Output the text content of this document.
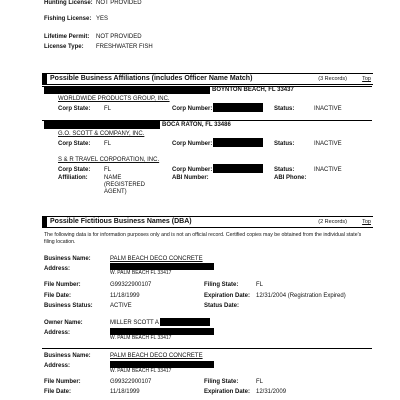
Hunting License: NOT PROVIDED
Fishing License: YES
Lifetime Permit: NOT PROVIDED
License Type: FRESHWATER FISH
Possible Business Affiliations (includes Officer Name Match)	(3 Records)	Top
BOYNTON BEACH, FL 33437
WORLDWIDE PRODUCTS GROUP, INC.
Corp State: FL	Corp Number:	Status:	INACTIVE
BOCA RATON, FL 33486
G.O. SCOTT & COMPANY, INC.
Corp State: FL	Corp Number:	Status:	INACTIVE
S & R TRAVEL CORPORATION, INC.
Corp State: FL	Corp Number:	Status:	INACTIVE
Affiliation:	NAME
(REGISTERED
AGENT)
ABI Number:	ABI Phone:
Possible Fictitious Business Names (DBA)	(2 Records)	Top
The following data is for information purposes only and is not an official record. Certified copies may be obtained from the individual state's filing location.
Business Name:	PALM BEACH DECO CONCRETE
Address:
W. PALM BEACH FL 33417
File Number:	G99322900107	Filing State:	FL
File Date:	11/18/1999	Expiration Date: 12/31/2004 (Registration Expired)
Business Status:	ACTIVE	Status Date:
Owner Name:	MILLER SCOTT A
Address:
W. PALM BEACH FL 33417
Business Name:	PALM BEACH DECO CONCRETE
Address:
W. PALM BEACH FL 33417
File Number:	G99322900107	Filing State:	FL
File Date:	11/18/1999	Expiration Date: 12/31/2009
